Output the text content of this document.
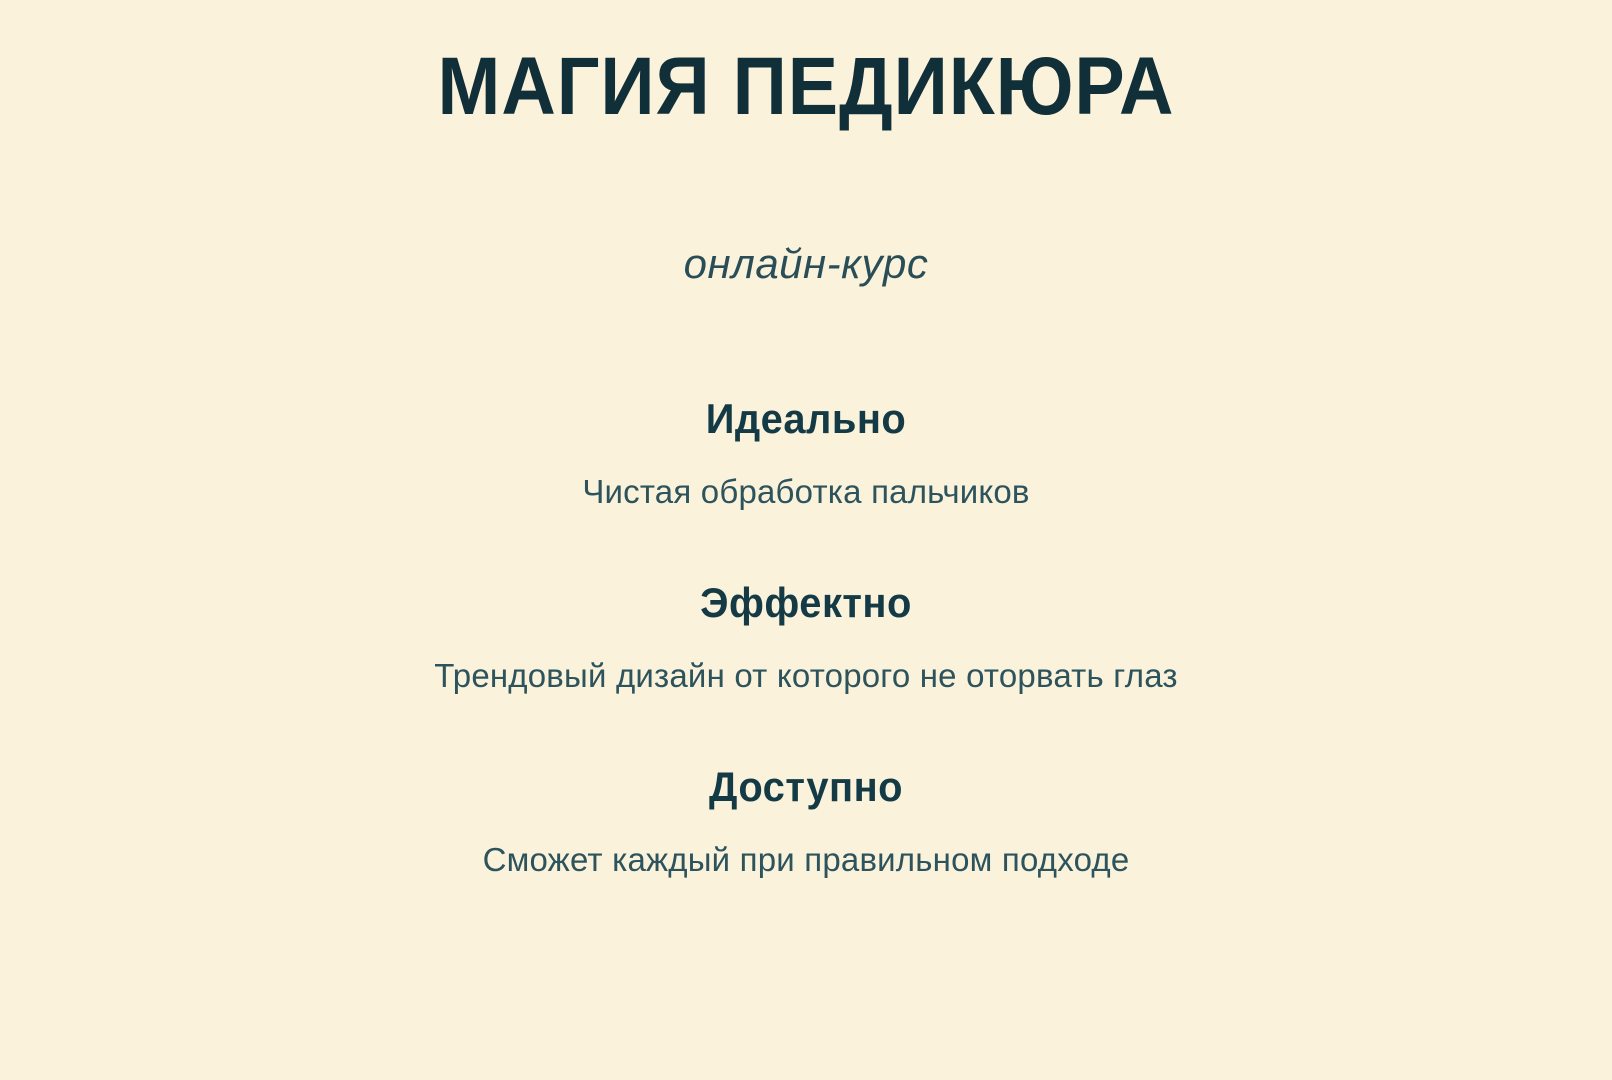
МАГИЯ ПЕДИКЮРА

онлайн-курс

Идеально

Чистая обработка пальчиков

Эффектно

Трендовый дизайн от которого не оторвать глаз

Доступно

Сможет каждый при правильном подходе
